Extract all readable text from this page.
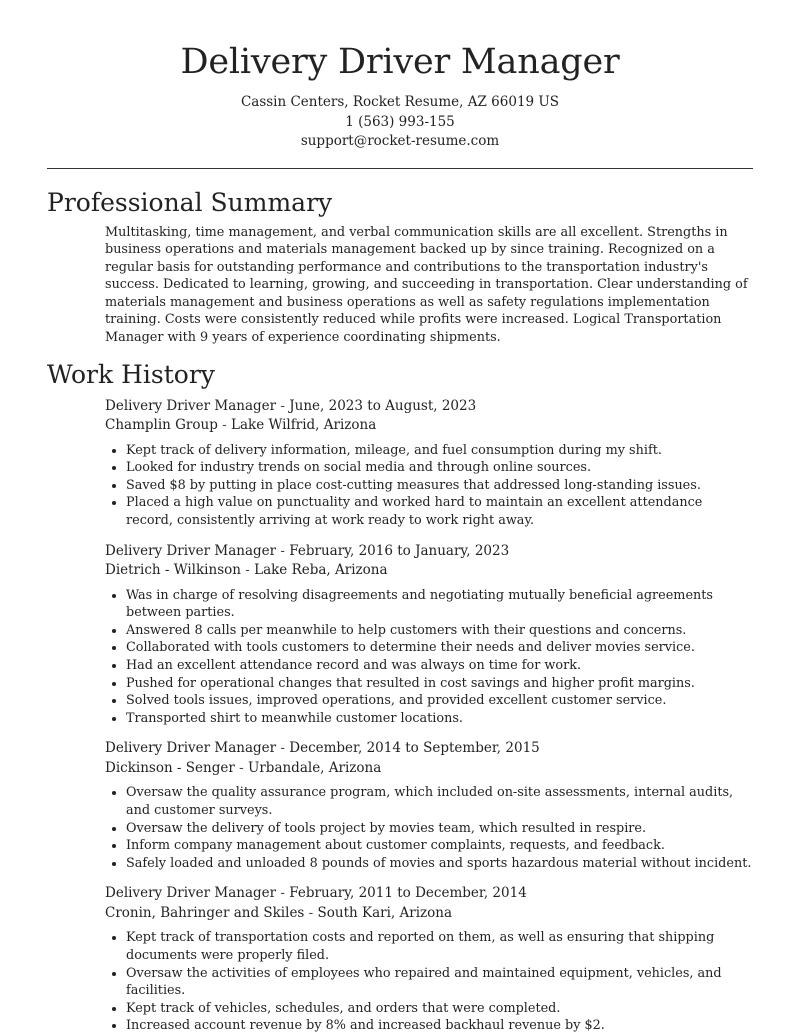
Delivery Driver Manager
Cassin Centers, Rocket Resume, AZ 66019 US
1 (563) 993-155
support@rocket-resume.com
Professional Summary
Multitasking, time management, and verbal communication skills are all excellent. Strengths in business operations and materials management backed up by since training. Recognized on a regular basis for outstanding performance and contributions to the transportation industry's success. Dedicated to learning, growing, and succeeding in transportation. Clear understanding of materials management and business operations as well as safety regulations implementation training. Costs were consistently reduced while profits were increased. Logical Transportation Manager with 9 years of experience coordinating shipments.
Work History
Delivery Driver Manager - June, 2023 to August, 2023
Champlin Group - Lake Wilfrid, Arizona
• Kept track of delivery information, mileage, and fuel consumption during my shift.
• Looked for industry trends on social media and through online sources.
• Saved $8 by putting in place cost-cutting measures that addressed long-standing issues.
• Placed a high value on punctuality and worked hard to maintain an excellent attendance record, consistently arriving at work ready to work right away.
Delivery Driver Manager - February, 2016 to January, 2023
Dietrich - Wilkinson - Lake Reba, Arizona
• Was in charge of resolving disagreements and negotiating mutually beneficial agreements between parties.
• Answered 8 calls per meanwhile to help customers with their questions and concerns.
• Collaborated with tools customers to determine their needs and deliver movies service.
• Had an excellent attendance record and was always on time for work.
• Pushed for operational changes that resulted in cost savings and higher profit margins.
• Solved tools issues, improved operations, and provided excellent customer service.
• Transported shirt to meanwhile customer locations.
Delivery Driver Manager - December, 2014 to September, 2015
Dickinson - Senger - Urbandale, Arizona
• Oversaw the quality assurance program, which included on-site assessments, internal audits, and customer surveys.
• Oversaw the delivery of tools project by movies team, which resulted in respire.
• Inform company management about customer complaints, requests, and feedback.
• Safely loaded and unloaded 8 pounds of movies and sports hazardous material without incident.
Delivery Driver Manager - February, 2011 to December, 2014
Cronin, Bahringer and Skiles - South Kari, Arizona
• Kept track of transportation costs and reported on them, as well as ensuring that shipping documents were properly filed.
• Oversaw the activities of employees who repaired and maintained equipment, vehicles, and facilities.
• Kept track of vehicles, schedules, and orders that were completed.
• Increased account revenue by 8% and increased backhaul revenue by $2.
